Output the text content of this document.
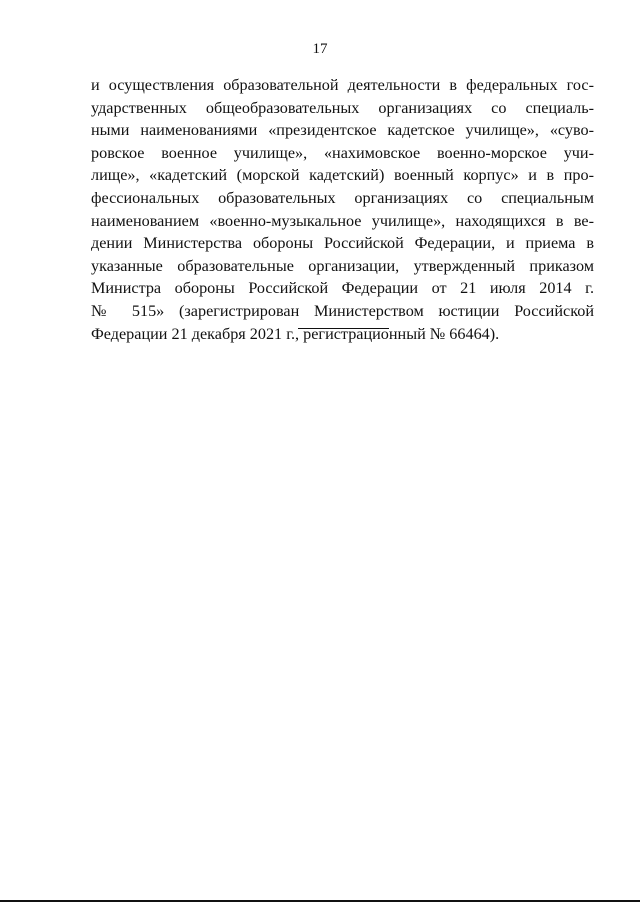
17
и осуществления образовательной деятельности в федеральных гос-
ударственных общеобразовательных организациях со специаль-
ными наименованиями «президентское кадетское училище», «суво-
ровское военное училище», «нахимовское военно-морское учи-
лище», «кадетский (морской кадетский) военный корпус» и в про-
фессиональных образовательных организациях со специальным
наименованием «военно-музыкальное училище», находящихся в ве-
дении Министерства обороны Российской Федерации, и приема в
указанные образовательные организации, утвержденный приказом
Министра обороны Российской Федерации от 21 июля 2014 г.
№ 515» (зарегистрирован Министерством юстиции Российской
Федерации 21 декабря 2021 г., регистрационный № 66464).
